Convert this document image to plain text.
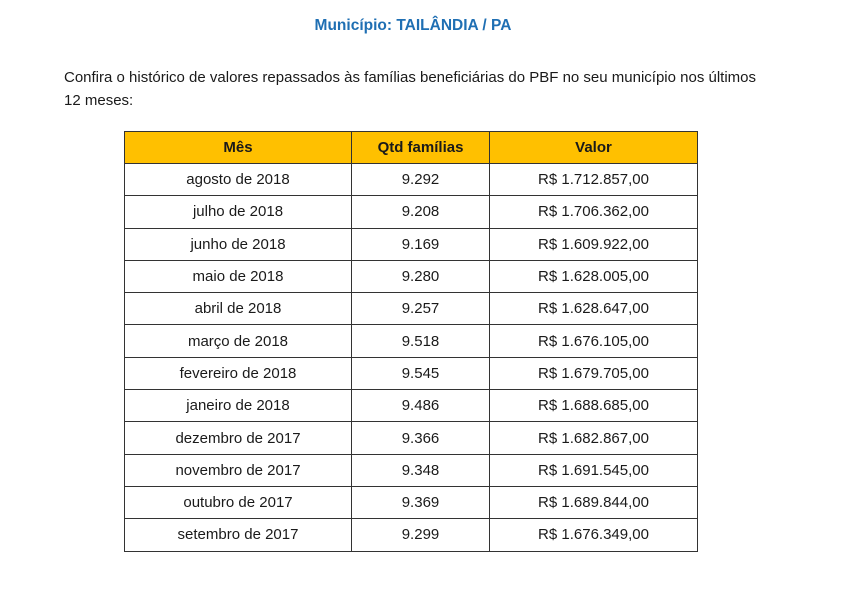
Município: TAILÂNDIA / PA
Confira o histórico de valores repassados às famílias beneficiárias do PBF no seu município nos últimos 12 meses:
Mês	Qtd famílias	Valor
agosto de 2018	9.292	R$ 1.712.857,00
julho de 2018	9.208	R$ 1.706.362,00
junho de 2018	9.169	R$ 1.609.922,00
maio de 2018	9.280	R$ 1.628.005,00
abril de 2018	9.257	R$ 1.628.647,00
março de 2018	9.518	R$ 1.676.105,00
fevereiro de 2018	9.545	R$ 1.679.705,00
janeiro de 2018	9.486	R$ 1.688.685,00
dezembro de 2017	9.366	R$ 1.682.867,00
novembro de 2017	9.348	R$ 1.691.545,00
outubro de 2017	9.369	R$ 1.689.844,00
setembro de 2017	9.299	R$ 1.676.349,00
